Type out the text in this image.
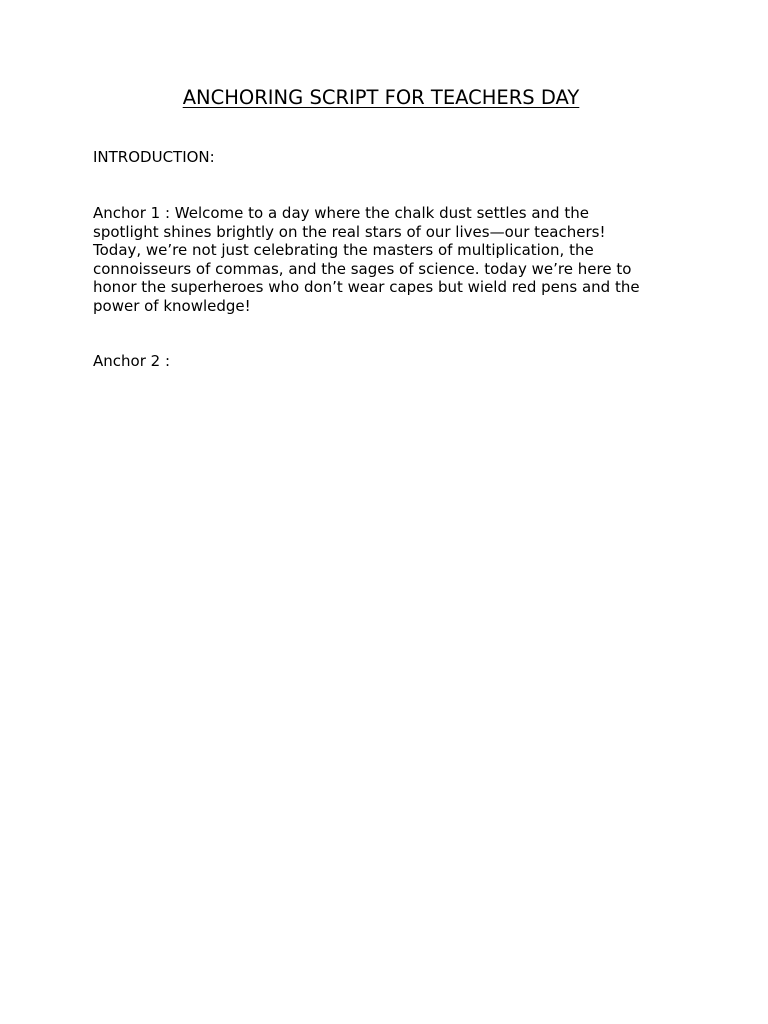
ANCHORING SCRIPT FOR TEACHERS DAY
INTRODUCTION:
Anchor 1 : Welcome to a day where the chalk dust settles and the
spotlight shines brightly on the real stars of our lives—our teachers!
Today, we’re not just celebrating the masters of multiplication, the
connoisseurs of commas, and the sages of science. today we’re here to
honor the superheroes who don’t wear capes but wield red pens and the
power of knowledge!
Anchor 2 :
